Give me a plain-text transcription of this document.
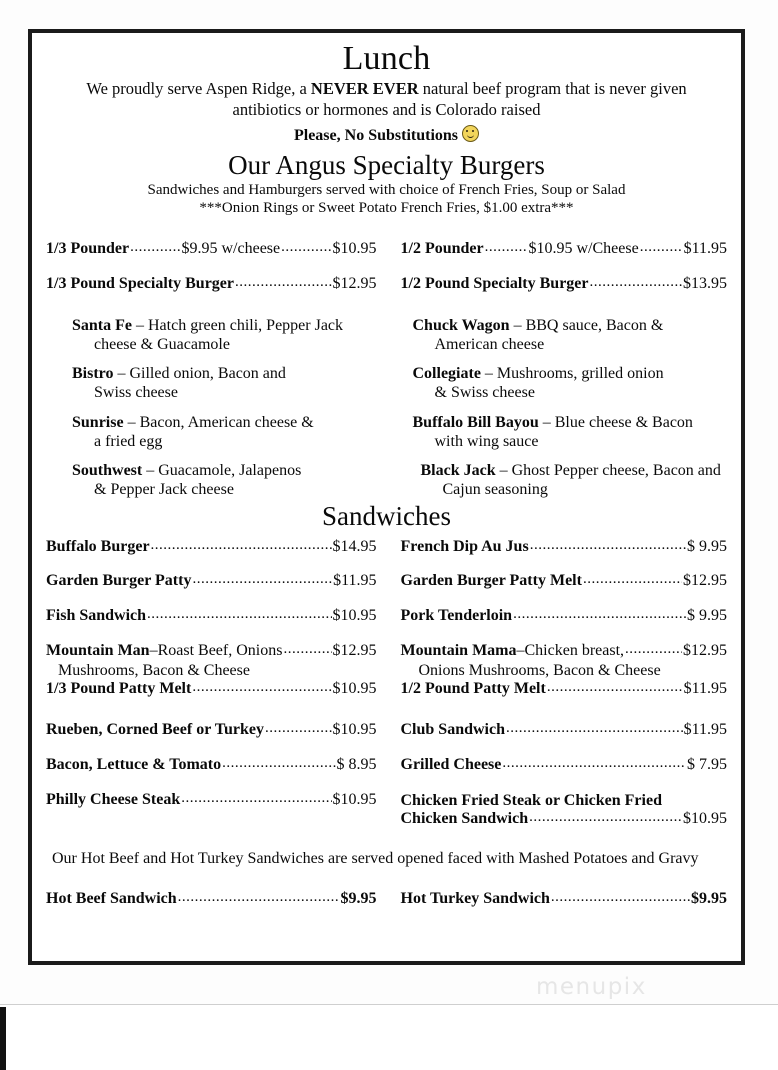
Lunch
We proudly serve Aspen Ridge, a NEVER EVER natural beef program that is never given
antibiotics or hormones and is Colorado raised
Please, No Substitutions
Our Angus Specialty Burgers
Sandwiches and Hamburgers served with choice of French Fries, Soup or Salad
***Onion Rings or Sweet Potato French Fries, $1.00 extra***
1/3 Pounder .....	$9.95 w/cheese .....	$10.95
1/3 Pound Specialty Burger .....	$12.95
Santa Fe – Hatch green chili, Pepper Jack
cheese & Guacamole
Bistro – Gilled onion, Bacon and
Swiss cheese
Sunrise – Bacon, American cheese &
a fried egg
Southwest – Guacamole, Jalapenos
& Pepper Jack cheese
1/2 Pounder .....	$10.95 w/Cheese .....	$11.95
1/2 Pound Specialty Burger .....	$13.95
Chuck Wagon – BBQ sauce, Bacon &
American cheese
Collegiate – Mushrooms, grilled onion
& Swiss cheese
Buffalo Bill Bayou – Blue cheese & Bacon
with wing sauce
Black Jack – Ghost Pepper cheese, Bacon and
Cajun seasoning
Sandwiches
Buffalo Burger .....	$14.95
Garden Burger Patty .....	$11.95
Fish Sandwich .....	$10.95
Mountain Man – Roast Beef, Onions .....	$12.95
Mushrooms, Bacon & Cheese
1/3 Pound Patty Melt .....	$10.95
Rueben, Corned Beef or Turkey .....	$10.95
Bacon, Lettuce & Tomato .....	$ 8.95
Philly Cheese Steak .....	$10.95
French Dip Au Jus .....	$ 9.95
Garden Burger Patty Melt .....	$12.95
Pork Tenderloin .....	$ 9.95
Mountain Mama – Chicken breast, .....	$12.95
Onions Mushrooms, Bacon & Cheese
1/2 Pound Patty Melt .....	$11.95
Club Sandwich .....	$11.95
Grilled Cheese .....	$ 7.95
Chicken Fried Steak or Chicken Fried
Chicken Sandwich .....	$10.95
Our Hot Beef and Hot Turkey Sandwiches are served opened faced with Mashed Potatoes and Gravy
Hot Beef Sandwich .....	$9.95 Hot Turkey Sandwich .....	$9.95
menupix
